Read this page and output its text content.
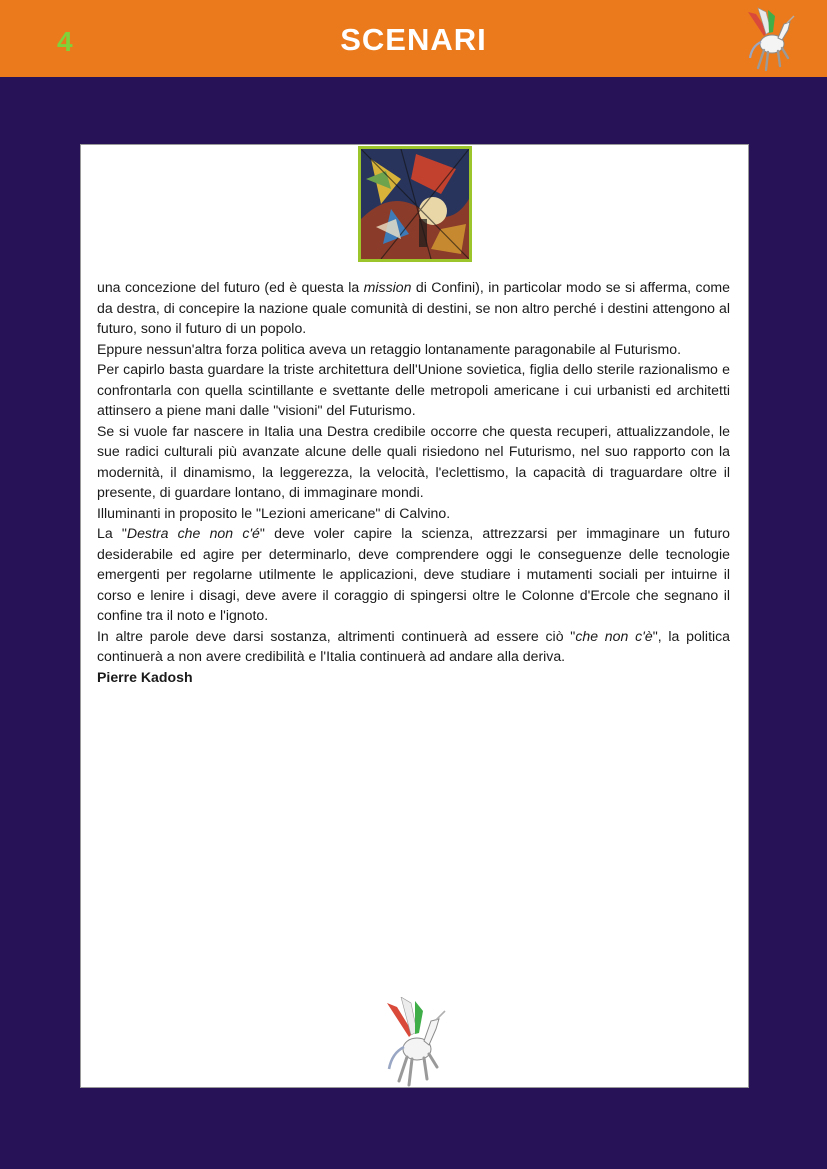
4	SCENARI

una concezione del futuro (ed è questa la mission di Confini), in particolar modo se si afferma, come da destra, di concepire la nazione quale comunità di destini, se non altro perché i destini attengono al futuro, sono il futuro di un popolo.

Eppure nessun'altra forza politica aveva un retaggio lontanamente paragonabile al Futurismo.

Per capirlo basta guardare la triste architettura dell'Unione sovietica, figlia dello sterile razionalismo e confrontarla con quella scintillante e svettante delle metropoli americane i cui urbanisti ed architetti attinsero a piene mani dalle "visioni" del Futurismo.

Se si vuole far nascere in Italia una Destra credibile occorre che questa recuperi, attualizzandole, le sue radici culturali più avanzate alcune delle quali risiedono nel Futurismo, nel suo rapporto con la modernità, il dinamismo, la leggerezza, la velocità, l'eclettismo, la capacità di traguardare oltre il presente, di guardare lontano, di immaginare mondi.

Illuminanti in proposito le "Lezioni americane" di Calvino.

La "Destra che non c'é" deve voler capire la scienza, attrezzarsi per immaginare un futuro desiderabile ed agire per determinarlo, deve comprendere oggi le conseguenze delle tecnologie emergenti per regolarne utilmente le applicazioni, deve studiare i mutamenti sociali per intuirne il corso e lenire i disagi, deve avere il coraggio di spingersi oltre le Colonne d'Ercole che segnano il confine tra il noto e l'ignoto.

In altre parole deve darsi sostanza, altrimenti continuerà ad essere ciò "che non c'è", la politica continuerà a non avere credibilità e l'Italia continuerà ad andare alla deriva.

Pierre Kadosh
